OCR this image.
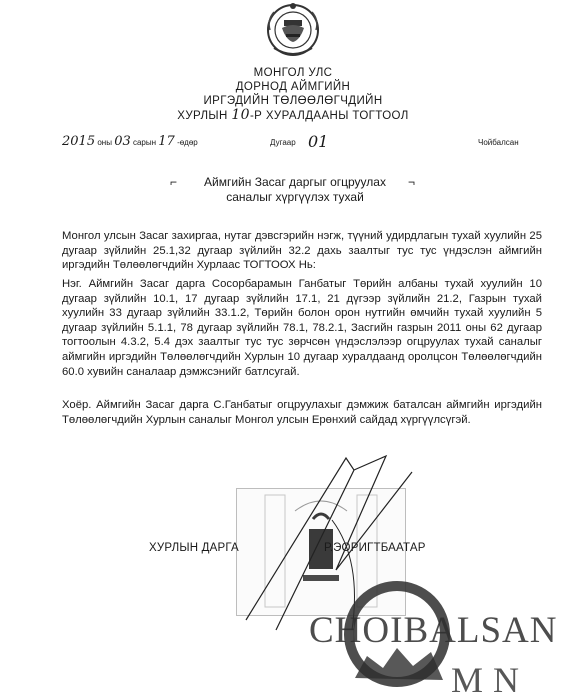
МОНГОЛ УЛС
ДОРНОД АЙМГИЙН
ИРГЭДИЙН ТӨЛӨӨЛӨГЧДИЙН
ХУРЛЫН 10-Р ХУРАЛДААНЫ ТОГТООЛ
2015 оны 03 сарын 17 -өдөр	Дугаар 01	Чойбалсан
⌐	¬
Аймгийн Засаг даргыг огцруулах
саналыг хүргүүлэх тухай
Монгол улсын Засаг захиргаа, нутаг дэвсгэрийн нэгж, түүний удирдлагын тухай хуулийн 25 дугаар зүйлийн 25.1,32 дугаар зүйлийн 32.2 дахь заалтыг тус тус үндэслэн аймгийн иргэдийн Төлөөлөгчдийн Хурлаас ТОГТООХ Нь:
Нэг. Аймгийн Засаг дарга Сосорбарамын Ганбатыг Төрийн албаны тухай хуулийн 10 дугаар зүйлийн 10.1, 17 дугаар зүйлийн 17.1, 21 дүгээр зүйлийн 21.2, Газрын тухай хуулийн 33 дугаар зүйлийн 33.1.2, Төрийн болон орон нутгийн өмчийн тухай хуулийн 5 дугаар зүйлийн 5.1.1, 78 дугаар зүйлийн 78.1, 78.2.1, Засгийн газрын 2011 оны 62 дугаар тогтоолын 4.3.2, 5.4 дэх заалтыг тус тус зөрчсөн үндэслэлээр огцруулах тухай саналыг аймгийн иргэдийн Төлөөлөгчдийн Хурлын 10 дугаар хуралдаанд оролцсон Төлөөлөгчдийн 60.0 хувийн саналаар дэмжсэнийг батлсугай.
Хоёр. Аймгийн Засаг дарга С.Ганбатыг огцруулахыг дэмжиж баталсан аймгийн иргэдийн Төлөөлөгчдийн Хурлын саналыг Монгол улсын Ерөнхий сайдад хүргүүлсүгэй.
ХУРЛЫН ДАРГА	Р.ЭОРИГТБААТАР
CHOIBALSAN
MN
